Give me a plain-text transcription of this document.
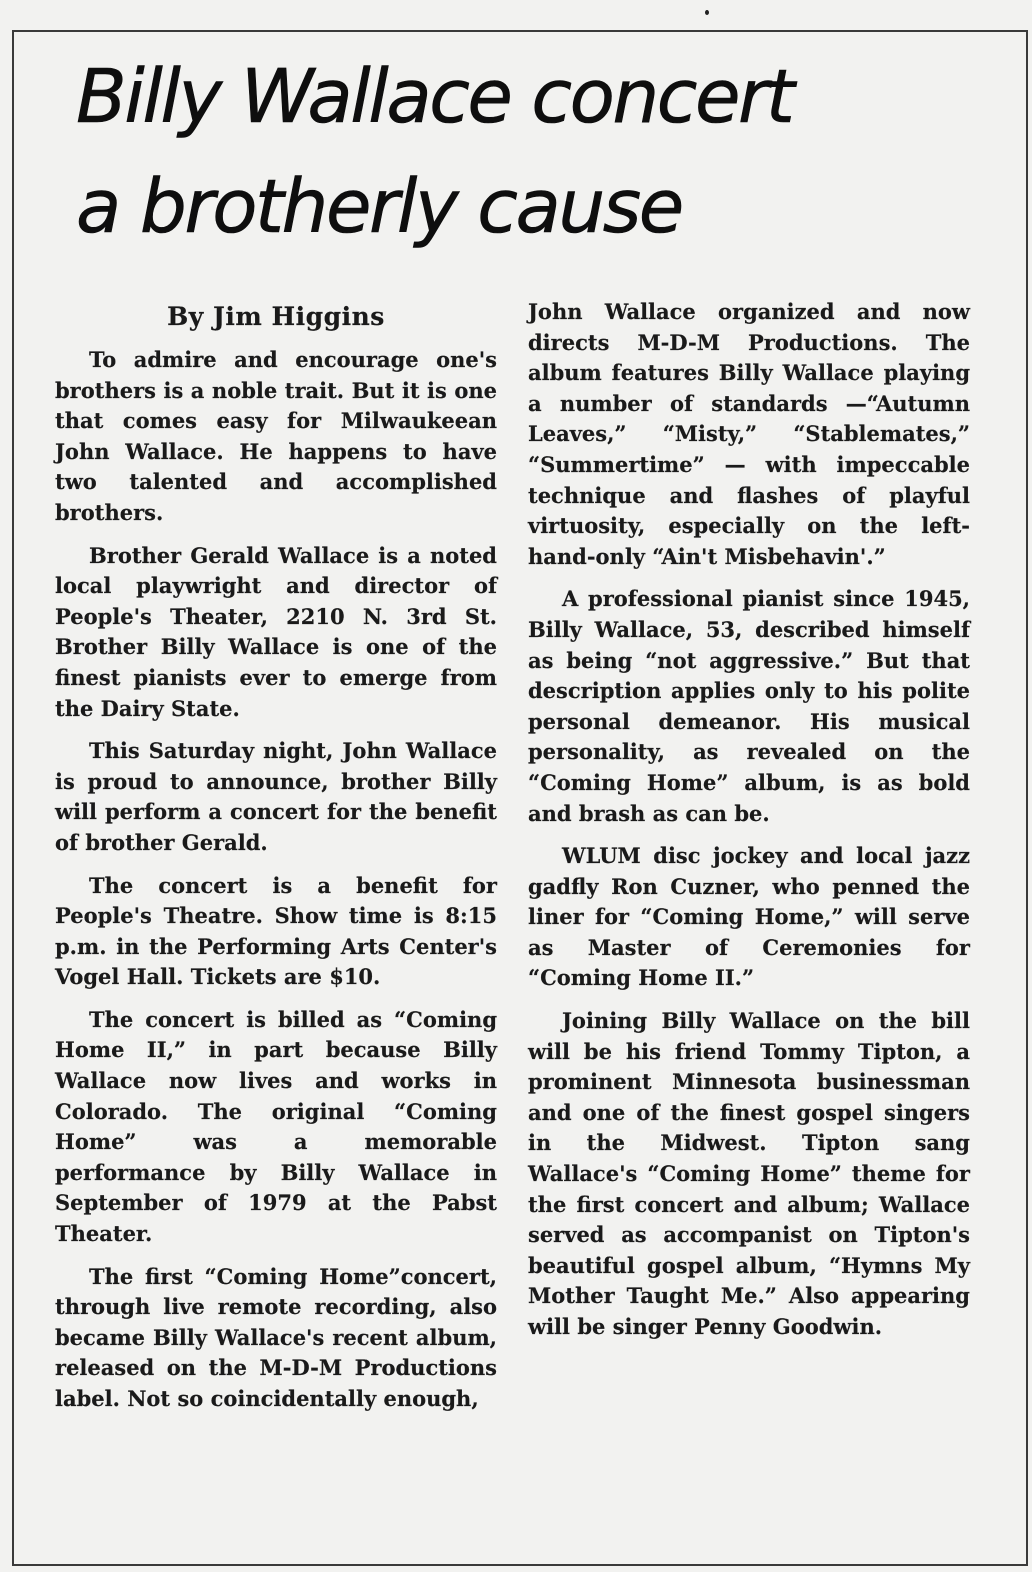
Billy Wallace concert
a brotherly cause
By Jim Higgins

To admire and encourage one's brothers is a noble trait. But it is one that comes easy for Milwaukeean John Wallace. He happens to have two talented and accomplished brothers.

Brother Gerald Wallace is a noted local playwright and director of People's Theater, 2210 N. 3rd St. Brother Billy Wallace is one of the finest pianists ever to emerge from the Dairy State.

This Saturday night, John Wallace is proud to announce, brother Billy will perform a concert for the benefit of brother Gerald.

The concert is a benefit for People's Theatre. Show time is 8:15 p.m. in the Performing Arts Center's Vogel Hall. Tickets are $10.

The concert is billed as “Coming Home II,” in part because Billy Wallace now lives and works in Colorado. The original “Coming Home” was a memorable performance by Billy Wallace in September of 1979 at the Pabst Theater.

The first “Coming Home”concert, through live remote recording, also became Billy Wallace's recent album, released on the M-D-M Productions label. Not so coincidentally enough,

John Wallace organized and now directs M-D-M Productions. The album features Billy Wallace playing a number of standards —“Autumn Leaves,” “Misty,” “Stablemates,” “Summertime” — with impeccable technique and flashes of playful virtuosity, especially on the left-hand-only “Ain't Misbehavin'.”

A professional pianist since 1945, Billy Wallace, 53, described himself as being “not aggressive.” But that description applies only to his polite personal demeanor. His musical personality, as revealed on the “Coming Home” album, is as bold and brash as can be.

WLUM disc jockey and local jazz gadfly Ron Cuzner, who penned the liner for “Coming Home,” will serve as Master of Ceremonies for “Coming Home II.”

Joining Billy Wallace on the bill will be his friend Tommy Tipton, a prominent Minnesota businessman and one of the finest gospel singers in the Midwest. Tipton sang Wallace's “Coming Home” theme for the first concert and album; Wallace served as accompanist on Tipton's beautiful gospel album, “Hymns My Mother Taught Me.” Also appearing will be singer Penny Goodwin.
